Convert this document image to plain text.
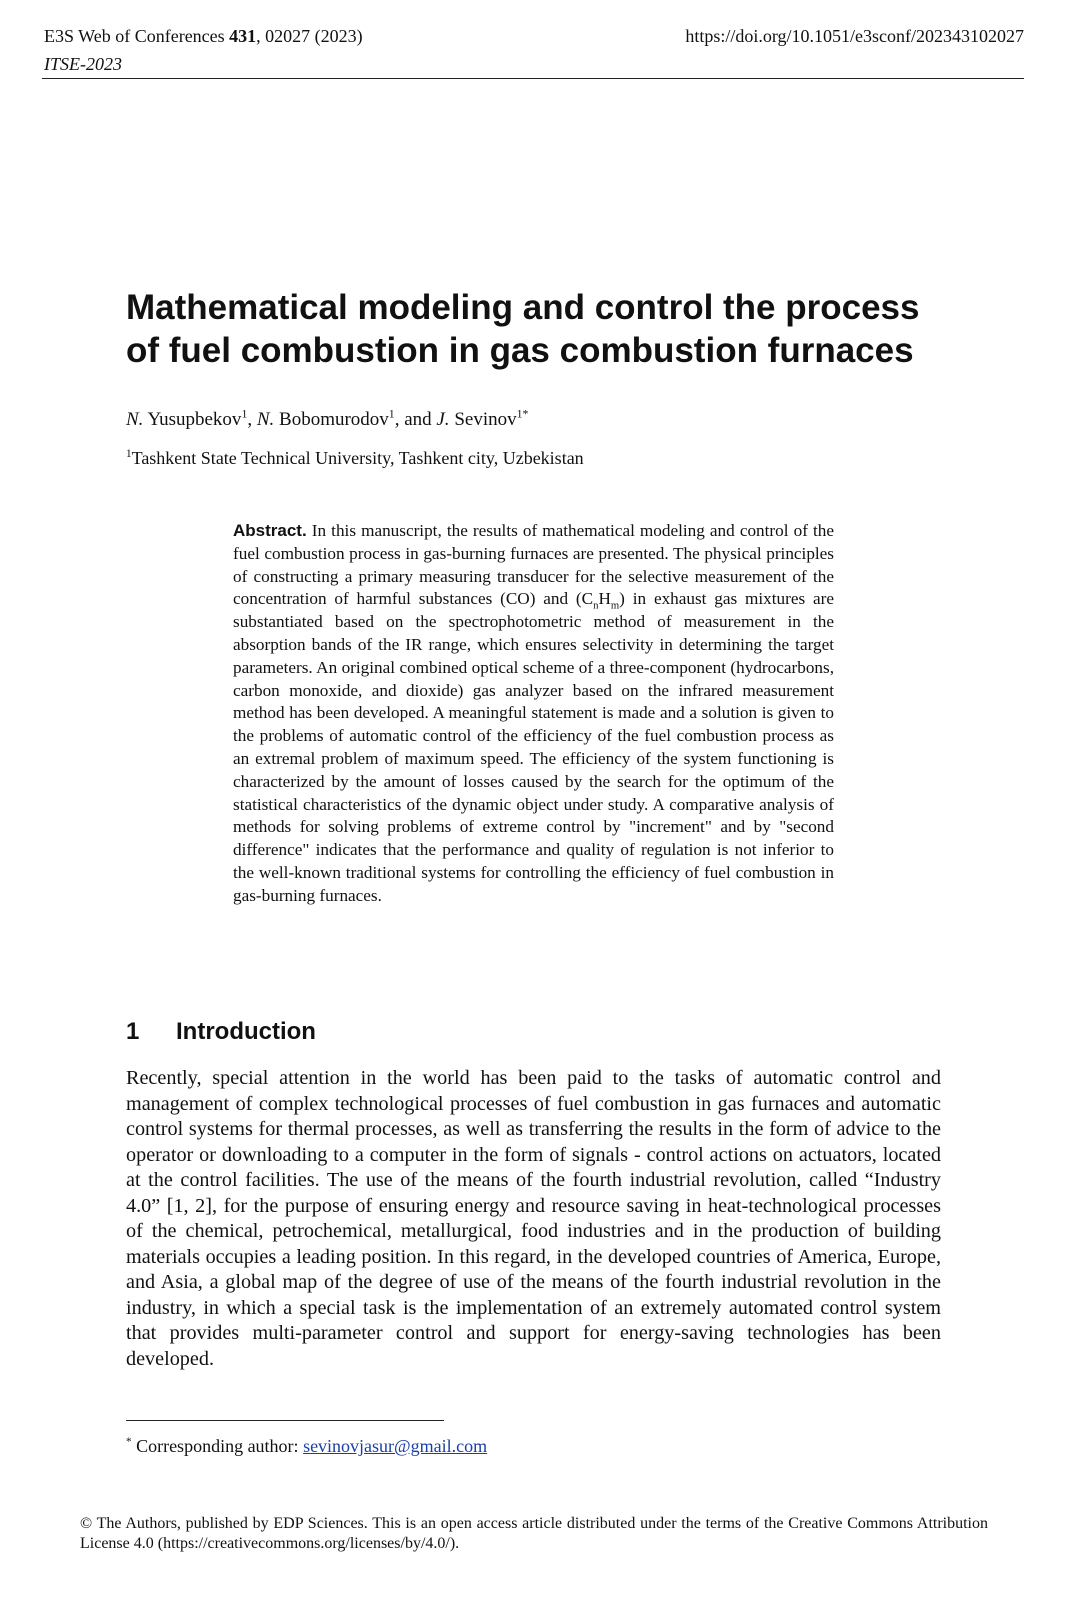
E3S Web of Conferences 431, 02027 (2023)
ITSE-2023
https://doi.org/10.1051/e3sconf/202343102027
Mathematical modeling and control the process
of fuel combustion in gas combustion furnaces
N. Yusupbekov$^1$, N. Bobomurodov$^1$, and J. Sevinov$^{1*}$
$^1$Tashkent State Technical University, Tashkent city, Uzbekistan
Abstract. In this manuscript, the results of mathematical modeling and control of the fuel combustion process in gas-burning furnaces are presented. The physical principles of constructing a primary measuring transducer for the selective measurement of the concentration of harmful substances (CO) and $(C_nH_m)$ in exhaust gas mixtures are substantiated based on the spectrophotometric method of measurement in the absorption bands of the IR range, which ensures selectivity in determining the target parameters. An original combined optical scheme of a three-component (hydrocarbons, carbon monoxide, and dioxide) gas analyzer based on the infrared measurement method has been developed. A meaningful statement is made and a solution is given to the problems of automatic control of the efficiency of the fuel combustion process as an extremal problem of maximum speed. The efficiency of the system functioning is characterized by the amount of losses caused by the search for the optimum of the statistical characteristics of the dynamic object under study. A comparative analysis of methods for solving problems of extreme control by "increment" and by "second difference" indicates that the performance and quality of regulation is not inferior to the well-known traditional systems for controlling the efficiency of fuel combustion in gas-burning furnaces.
1 Introduction
Recently, special attention in the world has been paid to the tasks of automatic control and management of complex technological processes of fuel combustion in gas furnaces and automatic control systems for thermal processes, as well as transferring the results in the form of advice to the operator or downloading to a computer in the form of signals - control actions on actuators, located at the control facilities. The use of the means of the fourth industrial revolution, called “Industry 4.0” [1, 2], for the purpose of ensuring energy and resource saving in heat-technological processes of the chemical, petrochemical, metallurgical, food industries and in the production of building materials occupies a leading position. In this regard, in the developed countries of America, Europe, and Asia, a global map of the degree of use of the means of the fourth industrial revolution in the industry, in which a special task is the implementation of an extremely automated control system that provides multi-parameter control and support for energy-saving technologies has been developed.
* Corresponding author: sevinovjasur@gmail.com
© The Authors, published by EDP Sciences. This is an open access article distributed under the terms of the Creative Commons Attribution License 4.0 (https://creativecommons.org/licenses/by/4.0/).
